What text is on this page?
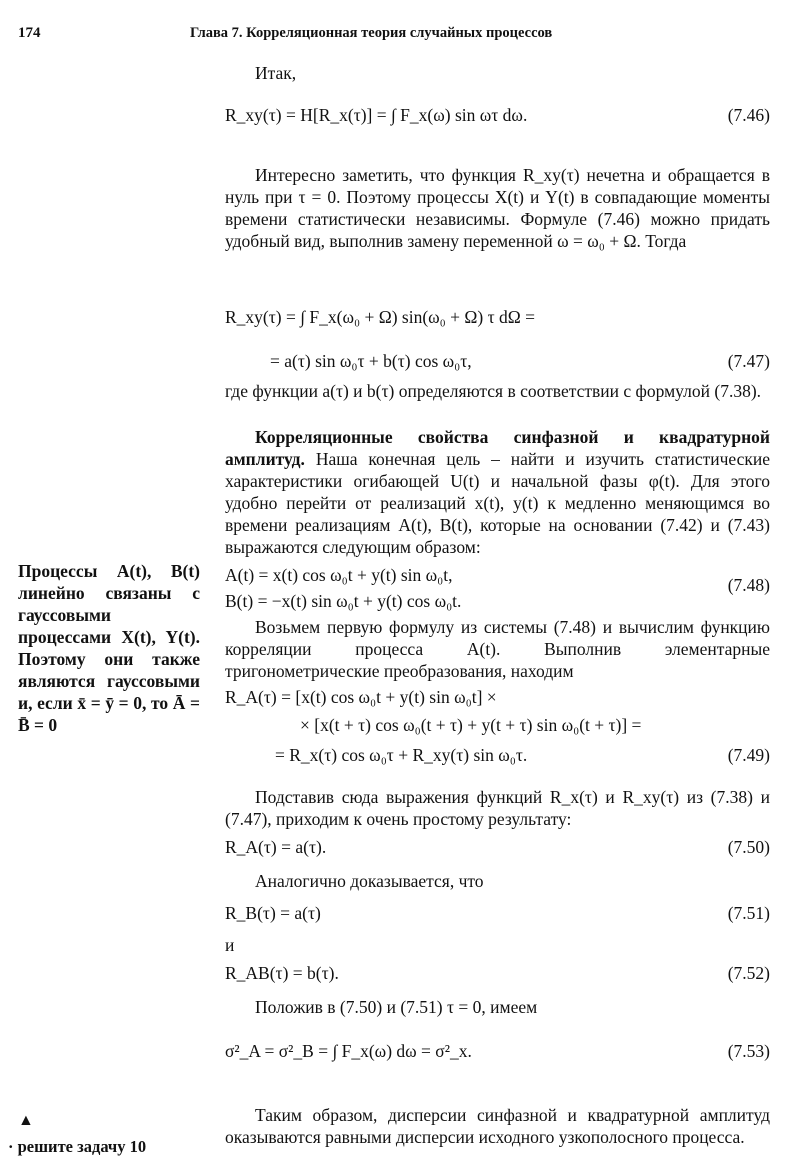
174	Глава 7. Корреляционная теория случайных процессов

Итак,

R_xy(τ) = H[R_x(τ)] = ∫ F_x(ω) sin ωτ dω.	(7.46)

Интересно заметить, что функция R_xy(τ) нечетна и обращается в нуль при τ = 0. Поэтому процессы X(t) и Y(t) в совпадающие моменты времени статистически независимы. Формуле (7.46) можно придать удобный вид, выполнив замену переменной ω = ω₀ + Ω. Тогда

R_xy(τ) = ∫ F_x(ω₀ + Ω) sin(ω₀ + Ω) τ dΩ =
= a(τ) sin ω₀τ + b(τ) cos ω₀τ,	(7.47)

где функции a(τ) и b(τ) определяются в соответствии с формулой (7.38).

Корреляционные свойства синфазной и квадратурной амплитуд. Наша конечная цель – найти и изучить статистические характеристики огибающей U(t) и начальной фазы φ(t). Для этого удобно перейти от реализаций x(t), y(t) к медленно меняющимся во времени реализациям A(t), B(t), которые на основании (7.42) и (7.43) выражаются следующим образом:

A(t) = x(t) cos ω₀t + y(t) sin ω₀t,
B(t) = −x(t) sin ω₀t + y(t) cos ω₀t.
(7.48)

Возьмем первую формулу из системы (7.48) и вычислим функцию корреляции процесса A(t). Выполнив элементарные тригонометрические преобразования, находим

R_A(τ) = [x(t) cos ω₀t + y(t) sin ω₀t] ×
× [x(t + τ) cos ω₀(t + τ) + y(t + τ) sin ω₀(t + τ)] =
= R_x(τ) cos ω₀τ + R_xy(τ) sin ω₀τ.	(7.49)

Подставив сюда выражения функций R_x(τ) и R_xy(τ) из (7.38) и (7.47), приходим к очень простому результату:

R_A(τ) = a(τ).	(7.50)

Аналогично доказывается, что

R_B(τ) = a(τ)	(7.51)

и

R_AB(τ) = b(τ).	(7.52)

Положив в (7.50) и (7.51) τ = 0, имеем

σ²_A = σ²_B = ∫ F_x(ω) dω = σ²_x.	(7.53)

Таким образом, дисперсии синфазной и квадратурной амплитуд оказываются равными дисперсии исходного узкополосного процесса.

Процессы A(t), B(t) линейно связаны с гауссовыми процессами X(t), Y(t). Поэтому они также являются гауссовыми и, если x̄ = ȳ = 0, то Ā = B̄ = 0
▲
· решите задачу 10
